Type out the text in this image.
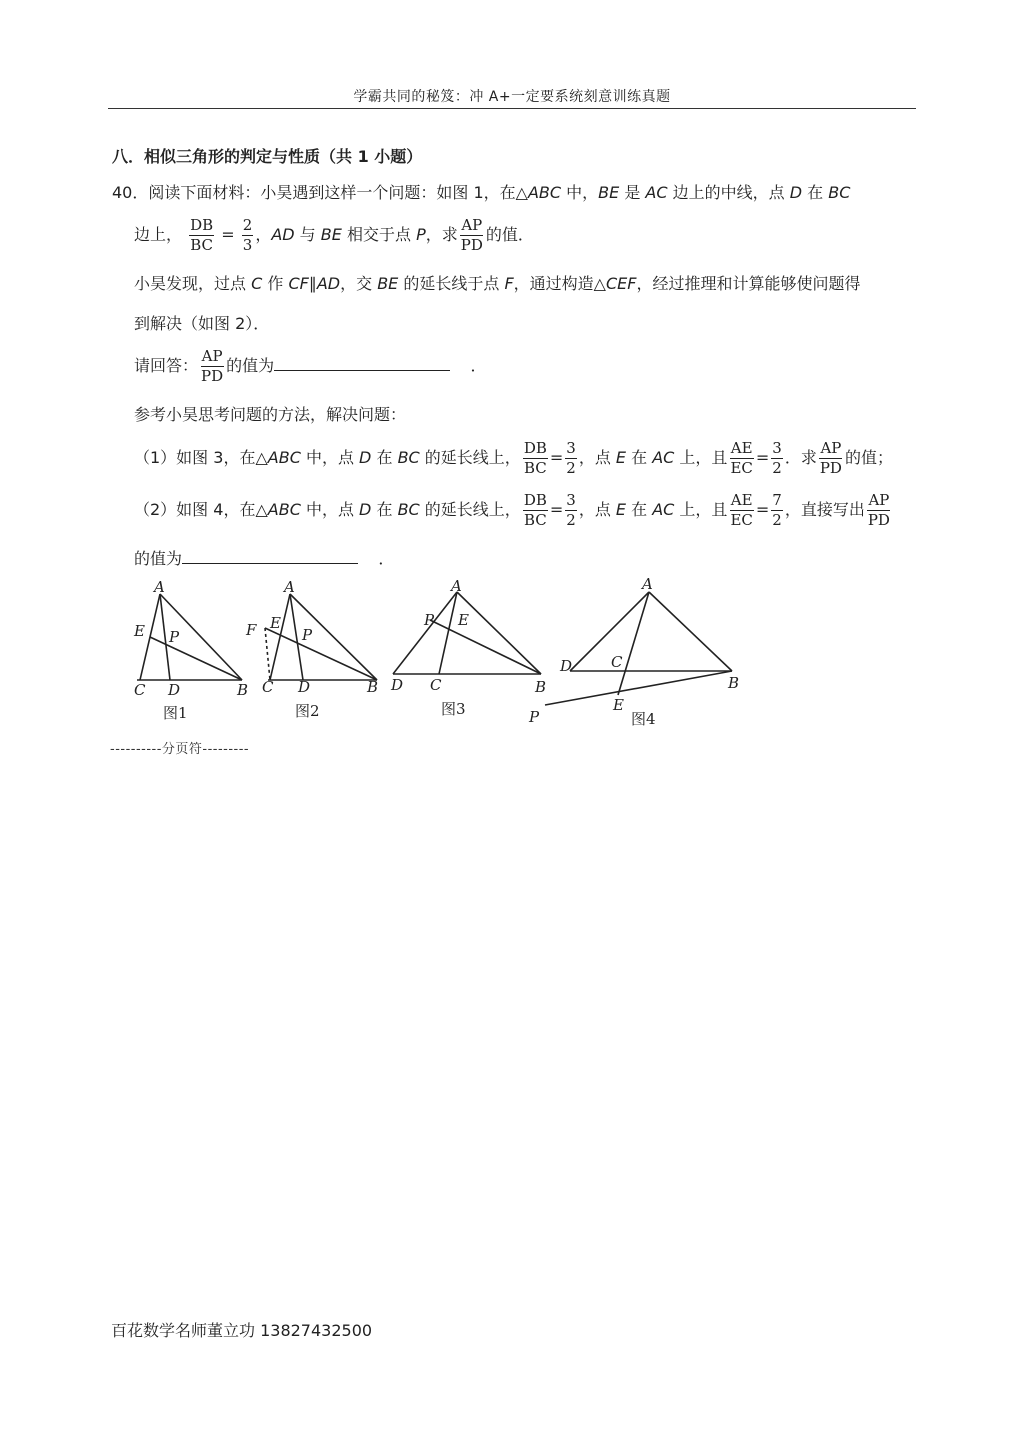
学霸共同的秘笈：冲 A+一定要系统刻意训练真题
八．相似三角形的判定与性质（共 1 小题）
40．阅读下面材料：小昊遇到这样一个问题：如图 1，在△ABC 中，BE 是 AC 边上的中线，点 D 在 BC
边上， $\frac{DB}{BC} = \frac{2}{3}$ ，AD 与 BE 相交于点 P，求 $\frac{AP}{PD}$ 的值．
小昊发现，过点 C 作 CF∥AD，交 BE 的延长线于点 F，通过构造△CEF，经过推理和计算能够使问题得
到解决（如图 2）．
请回答： $\frac{AP}{PD}$ 的值为	．
参考小昊思考问题的方法，解决问题：
（1）如图 3，在△ABC 中，点 D 在 BC 的延长线上， $\frac{DB}{BC} = \frac{3}{2}$ ，点 E 在 AC 上，且 $\frac{AE}{EC} = \frac{3}{2}$ ．求 $\frac{AP}{PD}$ 的值；
（2）如图 4，在△ABC 中，点 D 在 BC 的延长线上， $\frac{DB}{BC} = \frac{3}{2}$ ，点 E 在 AC 上，且 $\frac{AE}{EC} = \frac{7}{2}$ ，直接写出 $\frac{AP}{PD}$
的值为	．
A
E P
C D	B
图1
A
F E
P
C D	B
图2
A
P E
D C	B
图3
A
D	C
B
E
P	图4
----------分页符---------
百花数学名师董立功 13827432500
